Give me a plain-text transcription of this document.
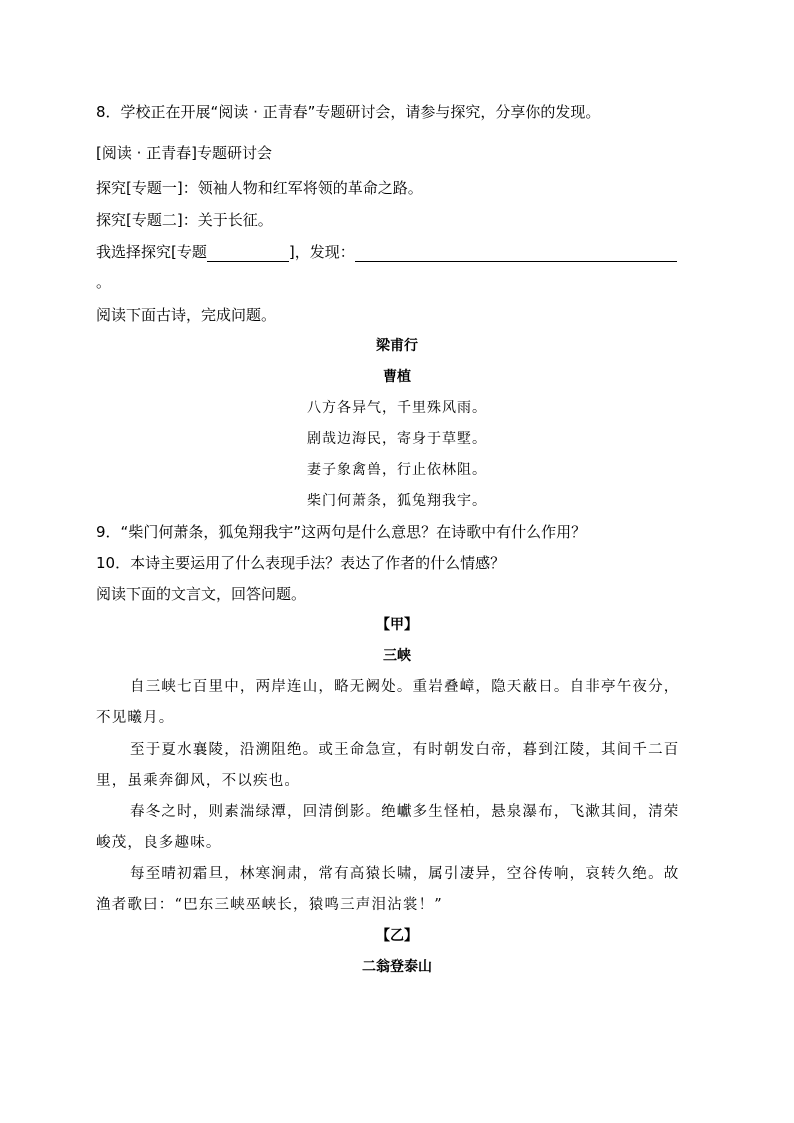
8．学校正在开展“阅读 · 正青春”专题研讨会，请参与探究，分享你的发现。
[阅读 · 正青春]专题研讨会
探究[专题一]：领袖人物和红军将领的革命之路。
探究[专题二]：关于长征。
我选择探究[专题	]，发现：
。
阅读下面古诗，完成问题。
梁甫行
曹植
八方各异气，千里殊风雨。
剧哉边海民，寄身于草墅。
妻子象禽兽，行止依林阻。
柴门何萧条，狐兔翔我宇。
9．“柴门何萧条，狐兔翔我宇”这两句是什么意思？在诗歌中有什么作用？
10．本诗主要运用了什么表现手法？表达了作者的什么情感？
阅读下面的文言文，回答问题。
【甲】
三峡
自三峡七百里中，两岸连山，略无阙处。重岩叠嶂，隐天蔽日。自非亭午夜分，
不见曦月。
至于夏水襄陵，沿溯阻绝。或王命急宣，有时朝发白帝，暮到江陵，其间千二百
里，虽乘奔御风，不以疾也。
春冬之时，则素湍绿潭，回清倒影。绝巘多生怪柏，悬泉瀑布，飞漱其间，清荣
峻茂，良多趣味。
每至晴初霜旦，林寒涧肃，常有高猿长啸，属引凄异，空谷传响，哀转久绝。故
渔者歌曰：“巴东三峡巫峡长，猿鸣三声泪沾裳！”
【乙】
二翁登泰山
